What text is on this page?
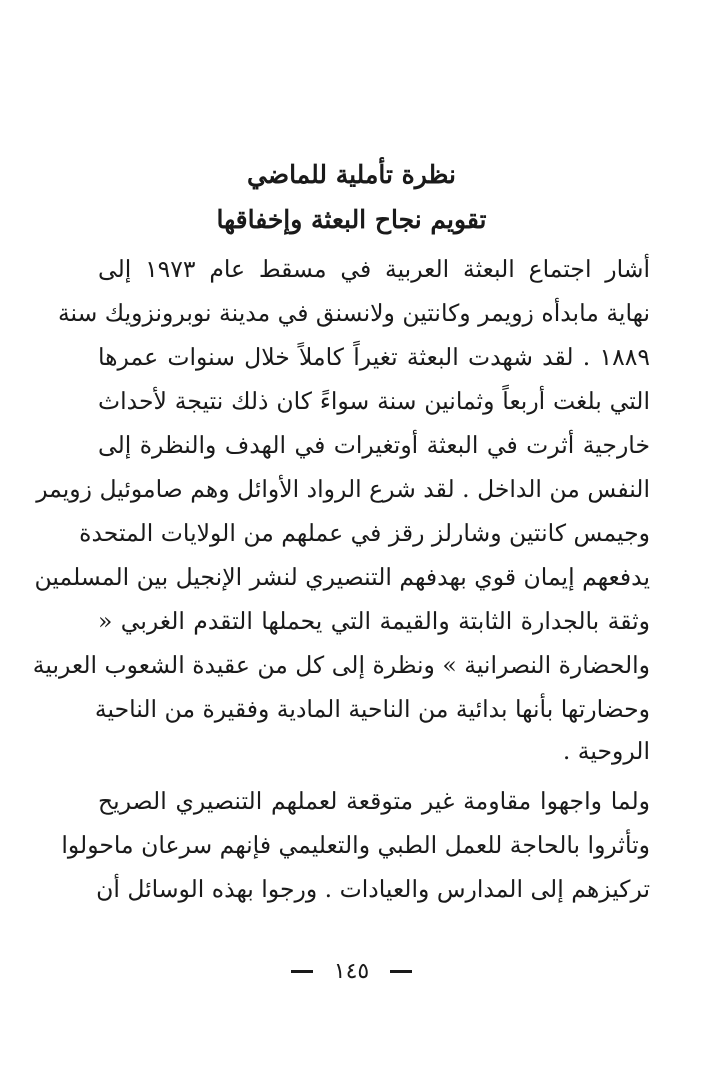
نظرة تأملية للماضي
تقويم نجاح البعثة وإخفاقها
أشار اجتماع البعثة العربية في مسقط عام ١٩٧٣ إلى
نهاية مابدأه زويمر وكانتين ولانسنق في مدينة نوبرونزويك سنة
١٨٨٩ . لقد شهدت البعثة تغيراً كاملاً خلال سنوات عمرها
التي بلغت أربعاً وثمانين سنة سواءً كان ذلك نتيجة لأحداث
خارجية أثرت في البعثة أوتغيرات في الهدف والنظرة إلى
النفس من الداخل . لقد شرع الرواد الأوائل وهم صاموئيل زويمر
وجيمس كانتين وشارلز رقز في عملهم من الولايات المتحدة
يدفعهم إيمان قوي بهدفهم التنصيري لنشر الإنجيل بين المسلمين
وثقة بالجدارة الثابتة والقيمة التي يحملها التقدم الغربي «
والحضارة النصرانية » ونظرة إلى كل من عقيدة الشعوب العربية
وحضارتها بأنها بدائية من الناحية المادية وفقيرة من الناحية
الروحية .
ولما واجهوا مقاومة غير متوقعة لعملهم التنصيري الصريح
وتأثروا بالحاجة للعمل الطبي والتعليمي فإنهم سرعان ماحولوا
تركيزهم إلى المدارس والعيادات . ورجوا بهذه الوسائل أن
١٤٥
